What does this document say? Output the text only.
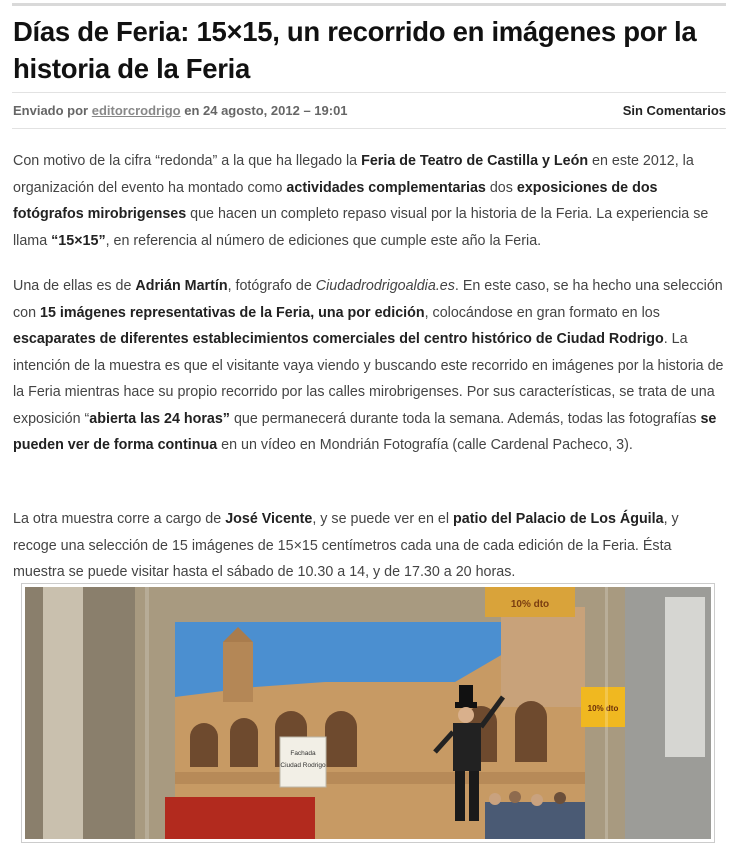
Días de Feria: 15×15, un recorrido en imágenes por la historia de la Feria
Enviado por editorcrodrigo en 24 agosto, 2012 – 19:01	Sin Comentarios

Con motivo de la cifra “redonda” a la que ha llegado la Feria de Teatro de Castilla y León en este 2012, la organización del evento ha montado como actividades complementarias dos exposiciones de dos fotógrafos mirobrigenses que hacen un completo repaso visual por la historia de la Feria. La experiencia se llama “15×15”, en referencia al número de ediciones que cumple este año la Feria.

Una de ellas es de Adrián Martín, fotógrafo de Ciudadrodrigoaldia.es. En este caso, se ha hecho una selección con 15 imágenes representativas de la Feria, una por edición, colocándose en gran formato en los escaparates de diferentes establecimientos comerciales del centro histórico de Ciudad Rodrigo. La intención de la muestra es que el visitante vaya viendo y buscando este recorrido en imágenes por la historia de la Feria mientras hace su propio recorrido por las calles mirobrigenses. Por sus características, se trata de una exposición “abierta las 24 horas” que permanecerá durante toda la semana. Además, todas las fotografías se pueden ver de forma continua en un vídeo en Mondrián Fotografía (calle Cardenal Pacheco, 3).

La otra muestra corre a cargo de José Vicente, y se puede ver en el patio del Palacio de Los Águila, y recoge una selección de 15 imágenes de 15×15 centímetros cada una de cada edición de la Feria. Ésta muestra se puede visitar hasta el sábado de 10.30 a 14, y de 17.30 a 20 horas.

Fachada
Ciudad Rodrigo
10% dto
10% dto
